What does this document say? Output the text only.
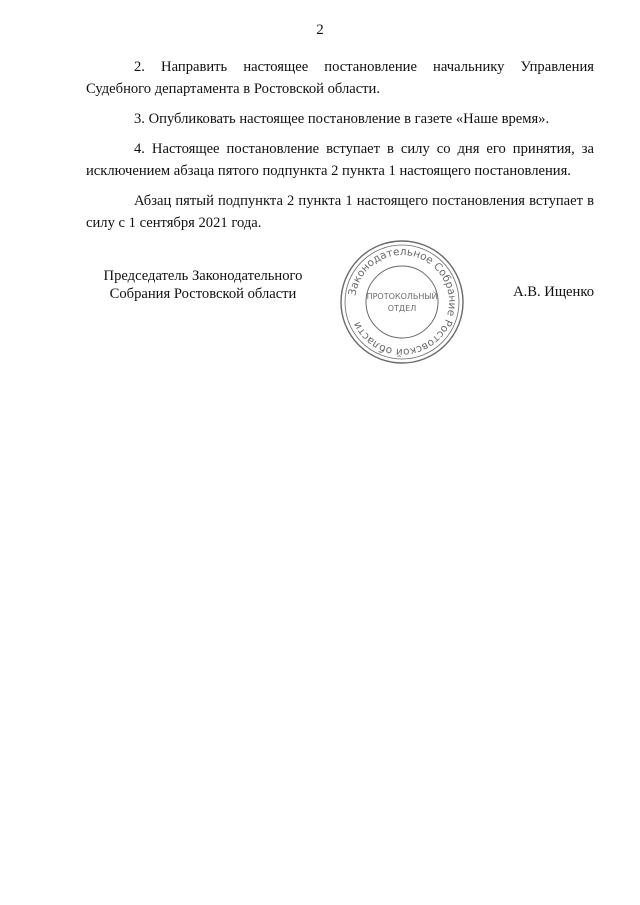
2

2. Направить настоящее постановление начальнику Управления Судебного департамента в Ростовской области.

3. Опубликовать настоящее постановление в газете «Наше время».

4. Настоящее постановление вступает в силу со дня его принятия, за исключением абзаца пятого подпункта 2 пункта 1 настоящего постановления.

Абзац пятый подпункта 2 пункта 1 настоящего постановления вступает в силу с 1 сентября 2021 года.

Председатель Законодательного
Собрания Ростовской области	Законодательное Собрание Ростовской области
ПРОТОКОЛЬНЫЙ
ОТДЕЛ
А.В. Ищенко
